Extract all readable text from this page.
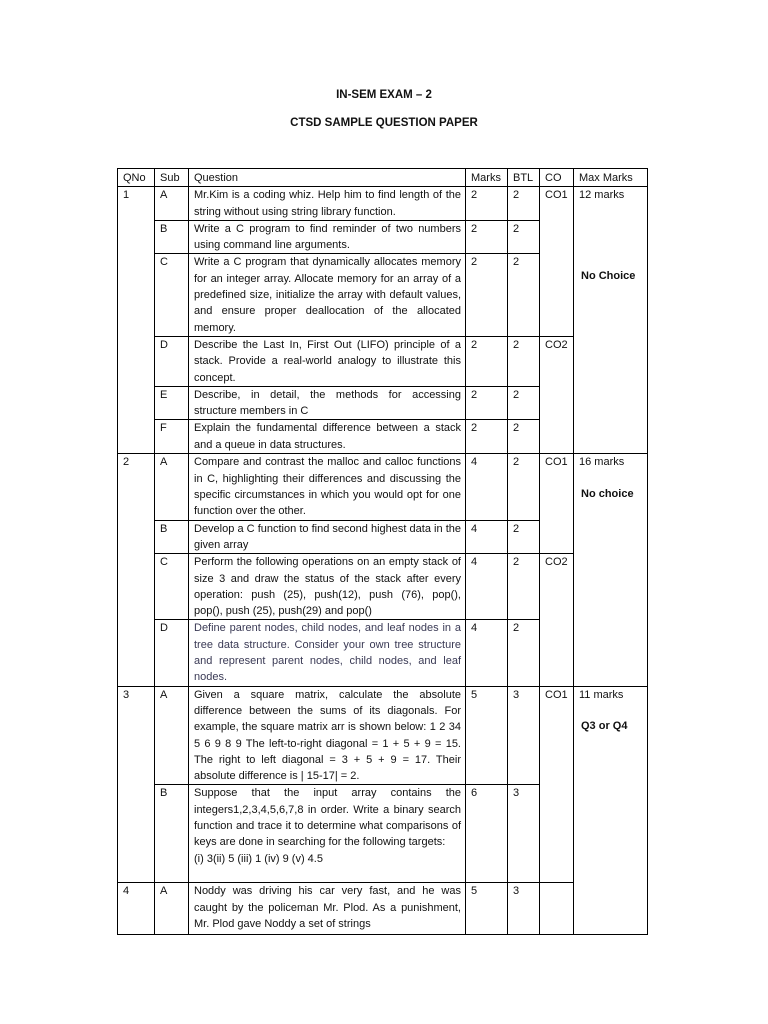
IN-SEM EXAM – 2
CTSD SAMPLE QUESTION PAPER
QNo	Sub	Question	Marks	BTL	CO	Max Marks
1	A	Mr.Kim is a coding whiz. Help him to find length of the string without using string library function.	2	2	CO1	12 marks
No Choice

	B	Write a C program to find reminder of two numbers using command line arguments.	2	2		
	C	Write a C program that dynamically allocates memory for an integer array. Allocate memory for an array of a predefined size, initialize the array with default values, and ensure proper deallocation of the allocated memory.	2	2		
	D	Describe the Last In, First Out (LIFO) principle of a stack. Provide a real-world analogy to illustrate this concept.	2	2	CO2	
	E	Describe, in detail, the methods for accessing structure members in C	2	2		
	F	Explain the fundamental difference between a stack and a queue in data structures.	2	2		
2	A	Compare and contrast the malloc and calloc functions in C, highlighting their differences and discussing the specific circumstances in which you would opt for one function over the other.	4	2	CO1	16 marks
No choice

	B	Develop a C function to find second highest data in the given array	4	2		
	C	Perform the following operations on an empty stack of size 3 and draw the status of the stack after every operation: push (25), push(12), push (76), pop(), pop(), push (25), push(29) and pop()	4	2	CO2	
	D	Define parent nodes, child nodes, and leaf nodes in a tree data structure. Consider your own tree structure and represent parent nodes, child nodes, and leaf nodes.	4	2		
3	A	Given a square matrix, calculate the absolute difference between the sums of its diagonals. For example, the square matrix arr is shown below: 1 2 34 5 6 9 8 9 The left-to-right diagonal = 1 + 5 + 9 = 15. The right to left diagonal = 3 + 5 + 9 = 17. Their absolute difference is | 15-17| = 2.	5	3	CO1	11 marks
Q3 or Q4

	B	Suppose that the input array contains the integers1,2,3,4,5,6,7,8 in order. Write a binary search function and trace it to determine what comparisons of keys are done in searching for the following targets:
(i) 3(ii) 5 (iii) 1 (iv) 9 (v) 4.5	6	3		
4	A	Noddy was driving his car very fast, and he was caught by the policeman Mr. Plod. As a punishment, Mr. Plod gave Noddy a set of strings	5	3		
